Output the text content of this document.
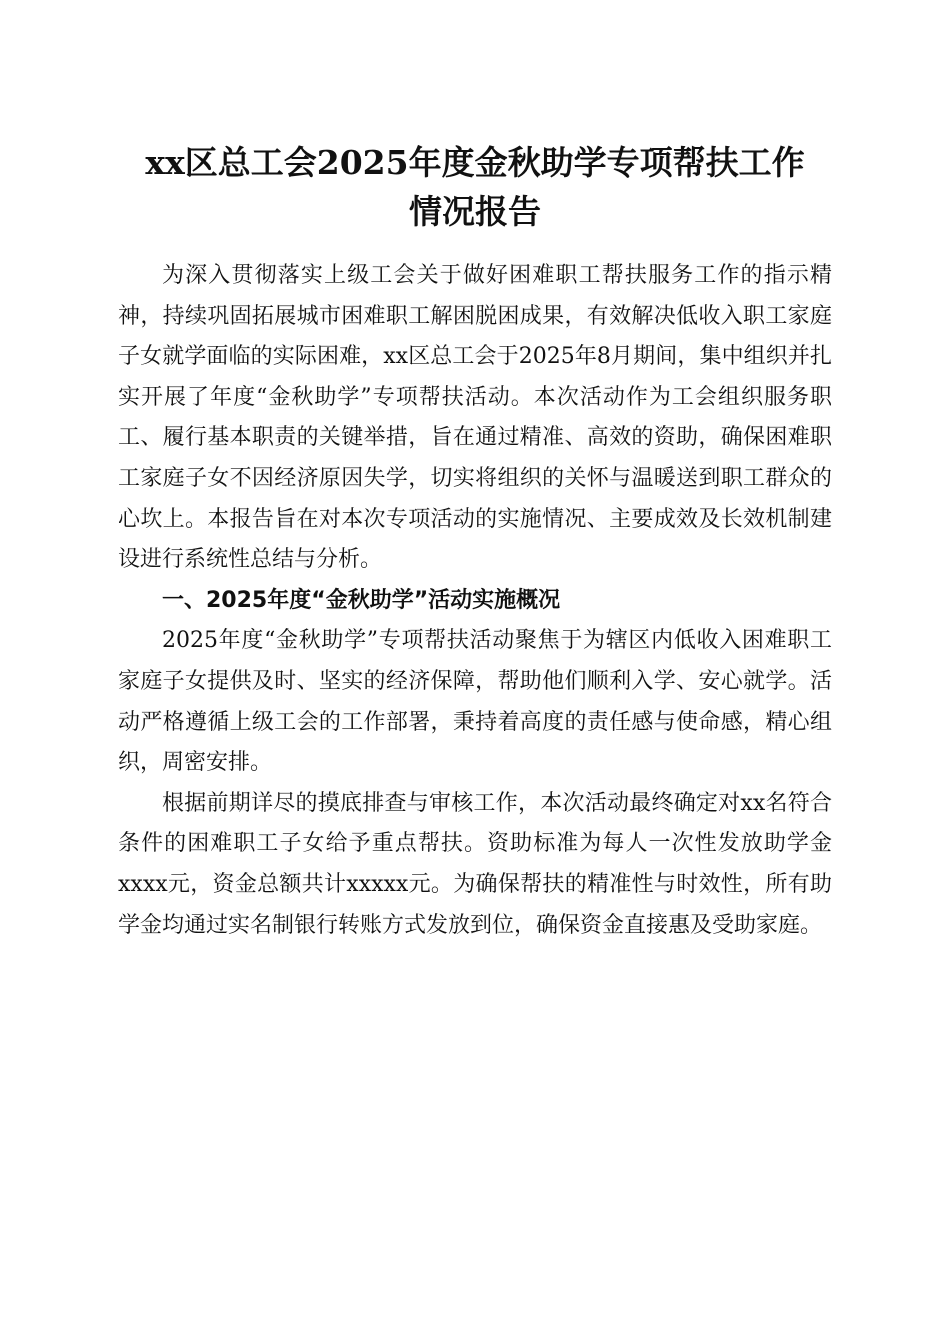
xx区总工会2025年度金秋助学专项帮扶工作
情况报告

为深入贯彻落实上级工会关于做好困难职工帮扶服务工作的指示精神，持续巩固拓展城市困难职工解困脱困成果，有效解决低收入职工家庭子女就学面临的实际困难，xx区总工会于2025年8月期间，集中组织并扎实开展了年度“金秋助学”专项帮扶活动。本次活动作为工会组织服务职工、履行基本职责的关键举措，旨在通过精准、高效的资助，确保困难职工家庭子女不因经济原因失学，切实将组织的关怀与温暖送到职工群众的心坎上。本报告旨在对本次专项活动的实施情况、主要成效及长效机制建设进行系统性总结与分析。

一、2025年度“金秋助学”活动实施概况

2025年度“金秋助学”专项帮扶活动聚焦于为辖区内低收入困难职工家庭子女提供及时、坚实的经济保障，帮助他们顺利入学、安心就学。活动严格遵循上级工会的工作部署，秉持着高度的责任感与使命感，精心组织，周密安排。

根据前期详尽的摸底排查与审核工作，本次活动最终确定对xx名符合条件的困难职工子女给予重点帮扶。资助标准为每人一次性发放助学金xxxx元，资金总额共计xxxxx元。为确保帮扶的精准性与时效性，所有助学金均通过实名制银行转账方式发放到位，确保资金直接惠及受助家庭。
